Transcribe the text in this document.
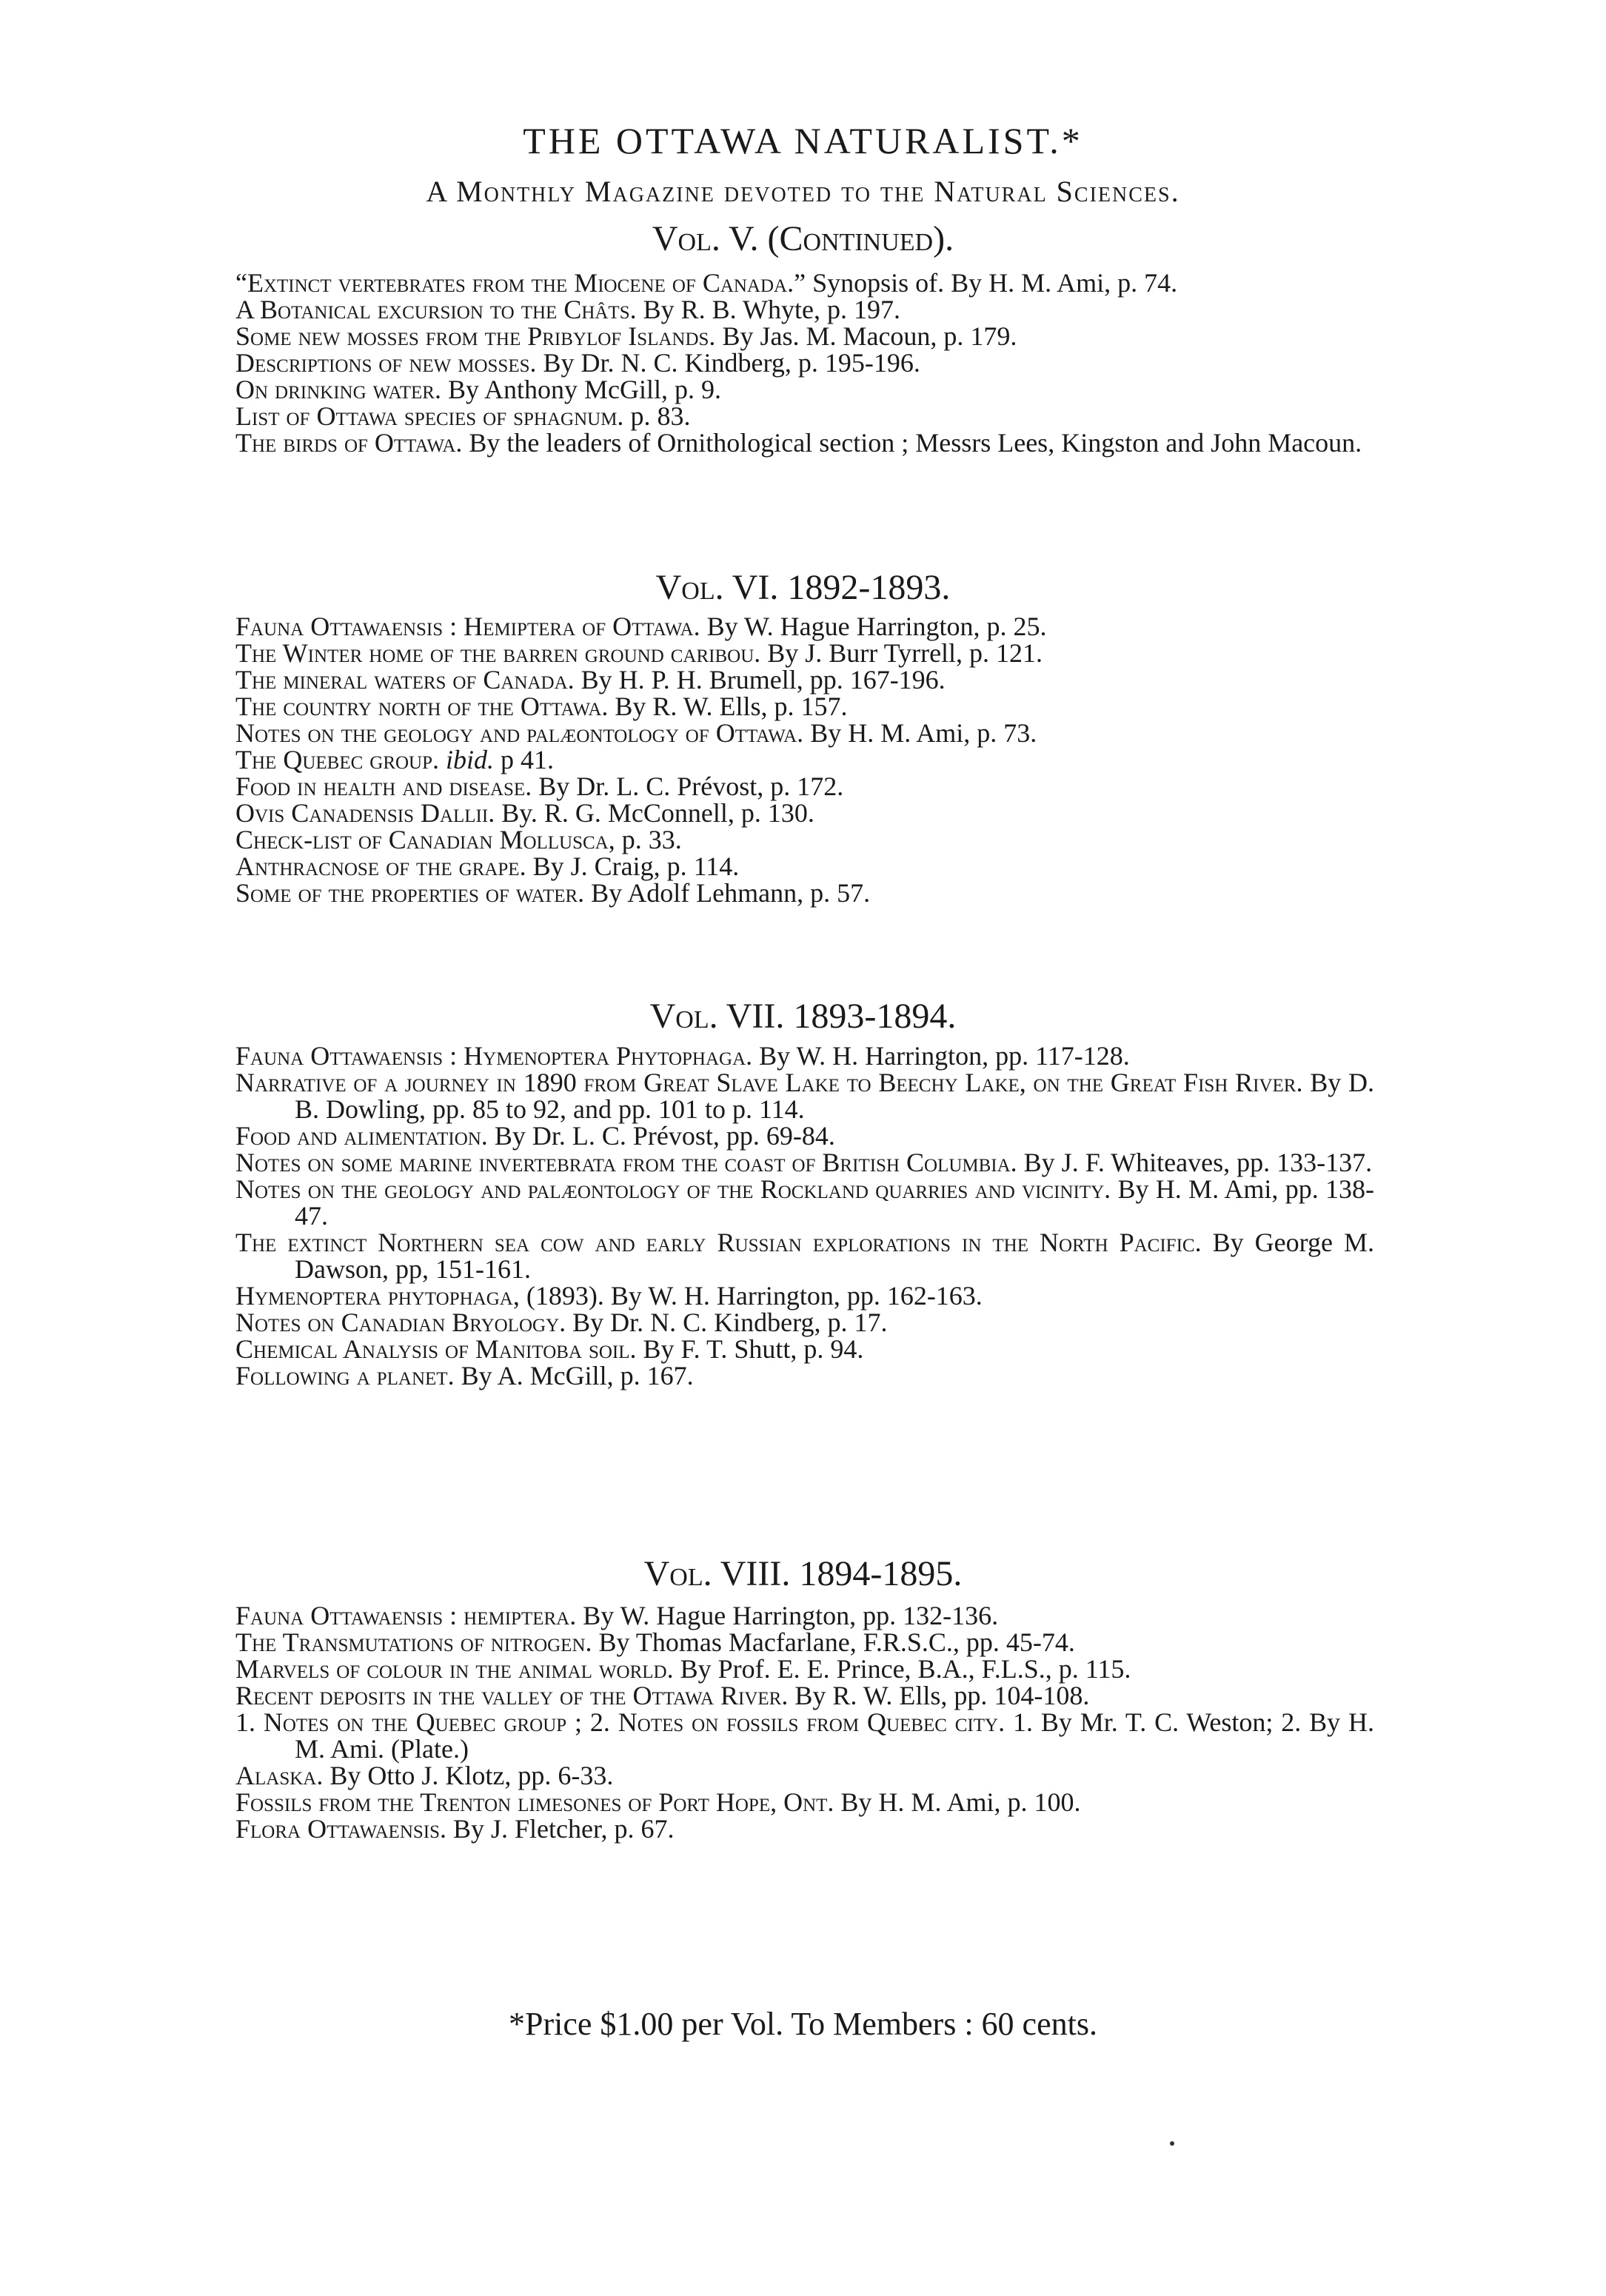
THE OTTAWA NATURALIST.*
A Monthly Magazine devoted to the Natural Sciences.
Vol. V. (Continued).

“Extinct vertebrates from the Miocene of Canada.” Synopsis of. By H. M. Ami, p. 74.

A Botanical excursion to the Châts. By R. B. Whyte, p. 197.

Some new mosses from the Pribylof Islands. By Jas. M. Macoun, p. 179.

Descriptions of new mosses. By Dr. N. C. Kindberg, p. 195-196.

On drinking water. By Anthony McGill, p. 9.

List of Ottawa species of sphagnum. p. 83.

The birds of Ottawa. By the leaders of Ornithological section ; Messrs Lees, Kingston and John Macoun.

Vol. VI. 1892-1893.

Fauna Ottawaensis : Hemiptera of Ottawa. By W. Hague Harrington, p. 25.

The Winter home of the barren ground caribou. By J. Burr Tyrrell, p. 121.

The mineral waters of Canada. By H. P. H. Brumell, pp. 167-196.

The country north of the Ottawa. By R. W. Ells, p. 157.

Notes on the geology and palæontology of Ottawa. By H. M. Ami, p. 73.

The Quebec group. ibid. p 41.

Food in health and disease. By Dr. L. C. Prévost, p. 172.

Ovis Canadensis Dallii. By. R. G. McConnell, p. 130.

Check-list of Canadian Mollusca, p. 33.

Anthracnose of the grape. By J. Craig, p. 114.

Some of the properties of water. By Adolf Lehmann, p. 57.

Vol. VII. 1893-1894.

Fauna Ottawaensis : Hymenoptera Phytophaga. By W. H. Harrington, pp. 117-128.

Narrative of a journey in 1890 from Great Slave Lake to Beechy Lake, on the Great Fish River. By D. B. Dowling, pp. 85 to 92, and pp. 101 to p. 114.

Food and alimentation. By Dr. L. C. Prévost, pp. 69-84.

Notes on some marine invertebrata from the coast of British Columbia. By J. F. Whiteaves, pp. 133-137.

Notes on the geology and palæontology of the Rockland quarries and vicinity. By H. M. Ami, pp. 138-47.

The extinct Northern sea cow and early Russian explorations in the North Pacific. By George M. Dawson, pp, 151-161.

Hymenoptera phytophaga, (1893). By W. H. Harrington, pp. 162-163.

Notes on Canadian Bryology. By Dr. N. C. Kindberg, p. 17.

Chemical Analysis of Manitoba soil. By F. T. Shutt, p. 94.

Following a planet. By A. McGill, p. 167.

Vol. VIII. 1894-1895.

Fauna Ottawaensis : hemiptera. By W. Hague Harrington, pp. 132-136.

The Transmutations of nitrogen. By Thomas Macfarlane, F.R.S.C., pp. 45-74.

Marvels of colour in the animal world. By Prof. E. E. Prince, B.A., F.L.S., p. 115.

Recent deposits in the valley of the Ottawa River. By R. W. Ells, pp. 104-108.

1. Notes on the Quebec group ; 2. Notes on fossils from Quebec city. 1. By Mr. T. C. Weston; 2. By H. M. Ami. (Plate.)

Alaska. By Otto J. Klotz, pp. 6-33.

Fossils from the Trenton limesones of Port Hope, Ont. By H. M. Ami, p. 100.

Flora Ottawaensis. By J. Fletcher, p. 67.

*Price $1.00 per Vol. To Members : 60 cents.
